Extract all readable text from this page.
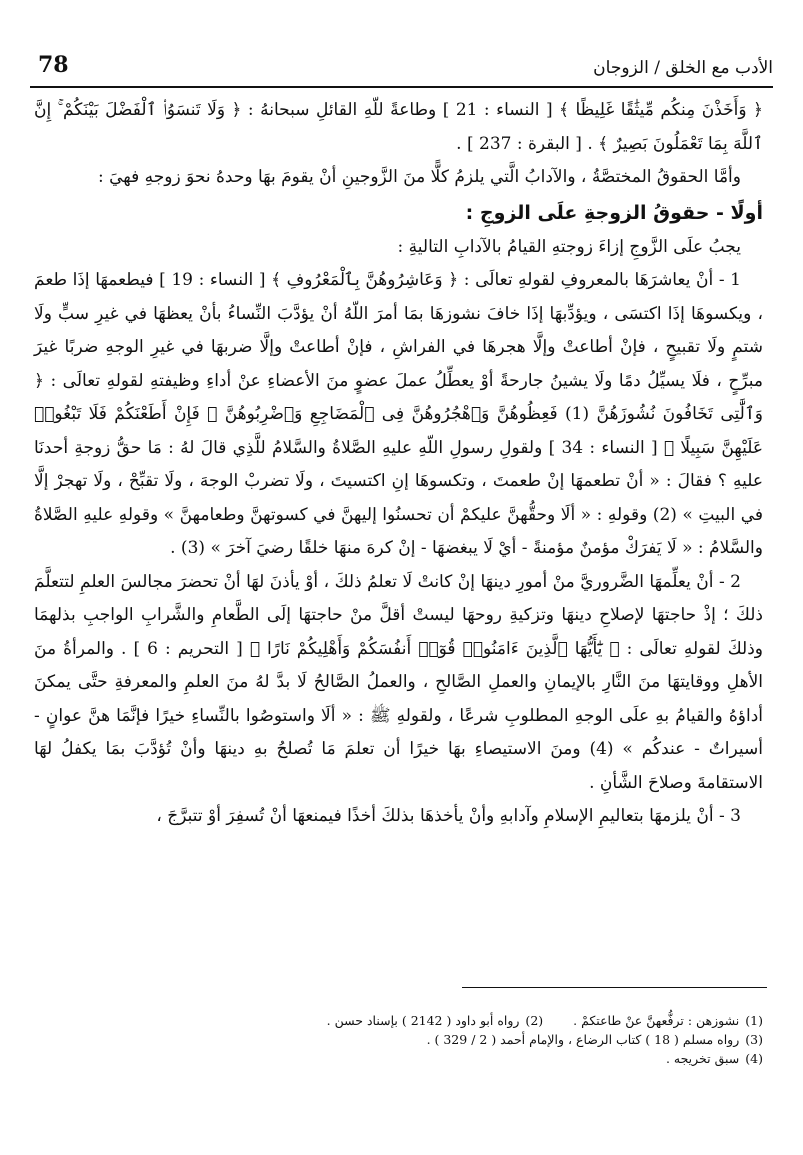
78	الأدب مع الخلق / الزوجان

﴿ وَأَخَذْنَ مِنكُم مِّيثَٰقًا غَلِيظًا ﴾ [ النساء : 21 ] وطاعةً للّهِ القائلِ سبحانهُ : ﴿ وَلَا تَنسَوُا۟ ٱلْفَضْلَ بَيْنَكُمْ ۚ إِنَّ ٱللَّهَ بِمَا تَعْمَلُونَ بَصِيرٌ ﴾ . [ البقرة : 237 ] .

وأمَّا الحقوقُ المختصَّةُ ، والآدابُ الَّتي يلزمُ كلًّا منَ الزَّوجينِ أنْ يقومَ بهَا وحدهُ نحوَ زوجهِ فهيَ :

أولًا - حقوقُ الزوجةِ علَى الزوجِ :

يجبُ علَى الزَّوجِ إزاءَ زوجتهِ القيامُ بالآدابِ التاليةِ :

1 - أنْ يعاشرَهَا بالمعروفِ لقولهِ تعالَى : ﴿ وَعَاشِرُوهُنَّ بِٱلْمَعْرُوفِ ﴾ [ النساء : 19 ] فيطعمهَا إذَا طعمَ ، ويكسوهَا إذَا اكتسَى ، ويؤدِّبهَا إذَا خافَ نشوزهَا بمَا أمرَ اللّهُ أنْ يؤدَّبَ النِّساءُ بأنْ يعظهَا في غيرِ سبٍّ ولَا شتمٍ ولَا تقبيحٍ ، فإنْ أطاعتْ وإلَّا هجرهَا في الفراشِ ، فإنْ أطاعتْ وإلَّا ضربهَا في غيرِ الوجهِ ضربًا غيرَ مبرِّحٍ ، فلَا يسيِّلُ دمًا ولَا يشينُ جارحةً أوْ يعطِّلُ عملَ عضوٍ منَ الأعضاءِ عنْ أداءِ وظيفتهِ لقولهِ تعالَى : ﴿ وَٱلَّٰتِى تَخَافُونَ نُشُوزَهُنَّ (1) فَعِظُوهُنَّ وَٱهْجُرُوهُنَّ فِى ٱلْمَضَاجِعِ وَٱضْرِبُوهُنَّ ۖ فَإِنْ أَطَعْنَكُمْ فَلَا تَبْغُوا۟ عَلَيْهِنَّ سَبِيلًا ﴾ [ النساء : 34 ] ولقولِ رسولِ اللّهِ عليهِ الصَّلاةُ والسَّلامُ للَّذِي قالَ لهُ : مَا حقُّ زوجةِ أحدنَا عليهِ ؟ فقالَ : « أنْ تطعمهَا إنْ طعمتَ ، وتكسوهَا إنِ اكتسيتَ ، ولَا تضربْ الوجهَ ، ولَا تقبِّحْ ، ولَا تهجرْ إلَّا في البيتِ » (2) وقولهِ : « ألَا وحقُّهنَّ عليكمْ أن تحسنُوا إليهنَّ في كسوتهنَّ وطعامهنَّ » وقولهِ عليهِ الصَّلاةُ والسَّلامُ : « لَا يَفرَكْ مؤمنٌ مؤمنةً - أيْ لَا يبغضهَا - إنْ كرهَ منهَا خلقًا رضيَ آخرَ » (3) .

2 - أنْ يعلِّمهَا الضَّروريَّ منْ أمورِ دينهَا إنْ كانتْ لَا تعلمُ ذلكَ ، أوْ يأذنَ لهَا أنْ تحضرَ مجالسَ العلمِ لتتعلَّمَ ذلكَ ؛ إذْ حاجتهَا لإصلاحِ دينهَا وتزكيةِ روحهَا ليستْ أقلَّ منْ حاجتهَا إلَى الطَّعامِ والشَّرابِ الواجبِ بذلهمَا وذلكَ لقولهِ تعالَى : ﴿ يَٰٓأَيُّهَا ٱلَّذِينَ ءَامَنُوا۟ قُوٓا۟ أَنفُسَكُمْ وَأَهْلِيكُمْ نَارًا ﴾ [ التحريم : 6 ] . والمرأةُ منَ الأهلِ ووقايتهَا منَ النَّارِ بالإيمانِ والعملِ الصَّالحِ ، والعملُ الصَّالحُ لَا بدَّ لهُ منَ العلمِ والمعرفةِ حتَّى يمكنَ أداؤهُ والقيامُ بهِ علَى الوجهِ المطلوبِ شرعًا ، ولقولهِ ﷺ : « ألَا واستوصُوا بالنِّساءِ خيرًا فإنَّمَا هنَّ عوانٍ - أسيراتٌ - عندكُم » (4) ومنَ الاستيصاءِ بهَا خيرًا أن تعلمَ مَا تُصلحُ بهِ دينهَا وأنْ تُؤدَّبَ بمَا يكفلُ لهَا الاستقامةَ وصلاحَ الشَّأنِ .

3 - أنْ يلزمهَا بتعاليمِ الإسلامِ وآدابهِ وأنْ يأخذهَا بذلكَ أخذًا فيمنعهَا أنْ تُسفِرَ أوْ تتبرَّجَ ،

(1)نشوزهن : ترفُّعهنَّ عنْ طاعتكمْ .  (2)رواه أبو داود ( 2142 ) بإسناد حسن .
(3)رواه مسلم ( 18 ) كتاب الرضاع ، والإمام أحمد ( 2 / 329 ) .
(4)سبق تخريجه .
